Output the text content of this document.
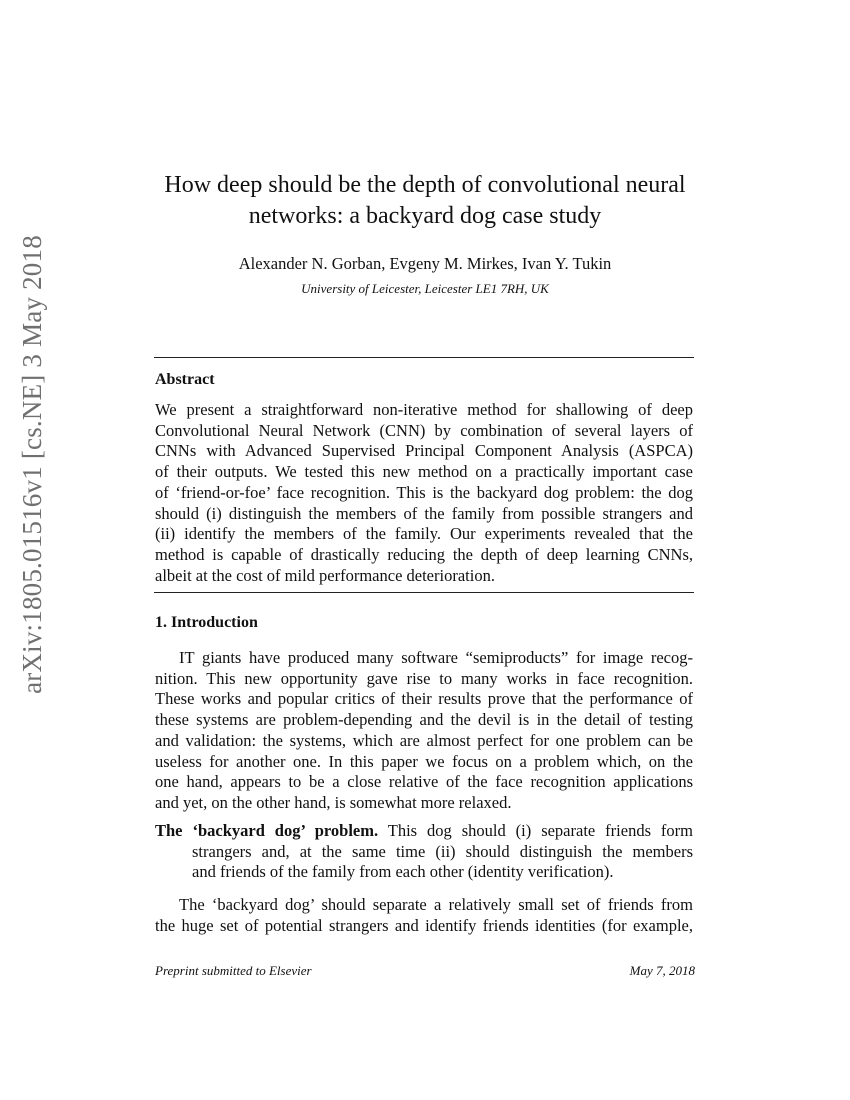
arXiv:1805.01516v1 [cs.NE] 3 May 2018
How deep should be the depth of convolutional neural
networks: a backyard dog case study
Alexander N. Gorban, Evgeny M. Mirkes, Ivan Y. Tukin
University of Leicester, Leicester LE1 7RH, UK
Abstract

We present a straightforward non-iterative method for shallowing of deep
Convolutional Neural Network (CNN) by combination of several layers of
CNNs with Advanced Supervised Principal Component Analysis (ASPCA)
of their outputs. We tested this new method on a practically important case
of ‘friend-or-foe’ face recognition. This is the backyard dog problem: the dog
should (i) distinguish the members of the family from possible strangers and
(ii) identify the members of the family. Our experiments revealed that the
method is capable of drastically reducing the depth of deep learning CNNs,
albeit at the cost of mild performance deterioration.

1. Introduction

IT giants have produced many software “semiproducts” for image recog-
nition. This new opportunity gave rise to many works in face recognition.
These works and popular critics of their results prove that the performance of
these systems are problem-depending and the devil is in the detail of testing
and validation: the systems, which are almost perfect for one problem can be
useless for another one. In this paper we focus on a problem which, on the
one hand, appears to be a close relative of the face recognition applications
and yet, on the other hand, is somewhat more relaxed.

The ‘backyard dog’ problem. This dog should (i) separate friends form
strangers and, at the same time (ii) should distinguish the members
and friends of the family from each other (identity verification).

The ‘backyard dog’ should separate a relatively small set of friends from
the huge set of potential strangers and identify friends identities (for example,

Preprint submitted to Elsevier	May 7, 2018
